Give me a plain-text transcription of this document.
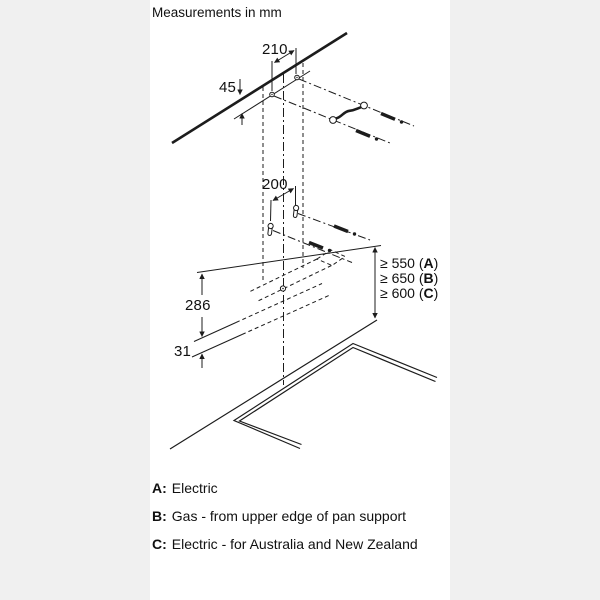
Measurements in mm
210
45
200
286
31
≥ 550 (A)
≥ 650 (B)
≥ 600 (C)
A: Electric
B: Gas - from upper edge of pan support
C: Electric - for Australia and New Zealand
